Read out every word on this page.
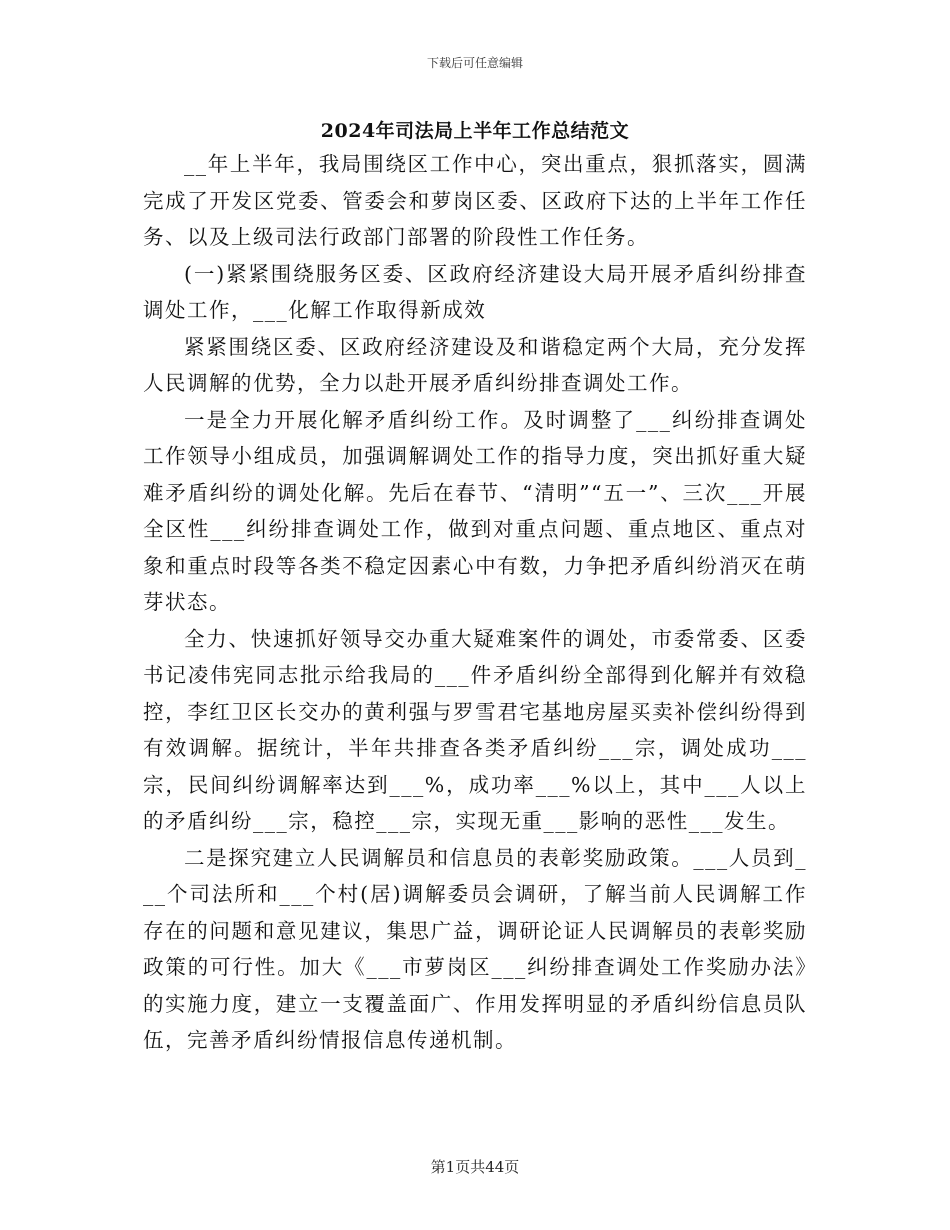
下载后可任意编辑
2024年司法局上半年工作总结范文

__年上半年，我局围绕区工作中心，突出重点，狠抓落实，圆满完成了开发区党委、管委会和萝岗区委、区政府下达的上半年工作任务、以及上级司法行政部门部署的阶段性工作任务。

(一)紧紧围绕服务区委、区政府经济建设大局开展矛盾纠纷排查调处工作，___化解工作取得新成效

紧紧围绕区委、区政府经济建设及和谐稳定两个大局，充分发挥人民调解的优势，全力以赴开展矛盾纠纷排查调处工作。

一是全力开展化解矛盾纠纷工作。及时调整了___纠纷排查调处工作领导小组成员，加强调解调处工作的指导力度，突出抓好重大疑难矛盾纠纷的调处化解。先后在春节、“清明”“五一”、三次___开展全区性___纠纷排查调处工作，做到对重点问题、重点地区、重点对象和重点时段等各类不稳定因素心中有数，力争把矛盾纠纷消灭在萌芽状态。

全力、快速抓好领导交办重大疑难案件的调处，市委常委、区委书记凌伟宪同志批示给我局的___件矛盾纠纷全部得到化解并有效稳控，李红卫区长交办的黄利强与罗雪君宅基地房屋买卖补偿纠纷得到有效调解。据统计，半年共排查各类矛盾纠纷___宗，调处成功___宗，民间纠纷调解率达到___%，成功率___%以上，其中___人以上的矛盾纠纷___宗，稳控___宗，实现无重___影响的恶性___发生。

二是探究建立人民调解员和信息员的表彰奖励政策。___人员到___个司法所和___个村(居)调解委员会调研，了解当前人民调解工作存在的问题和意见建议，集思广益，调研论证人民调解员的表彰奖励政策的可行性。加大《___市萝岗区___纠纷排查调处工作奖励办法》的实施力度，建立一支覆盖面广、作用发挥明显的矛盾纠纷信息员队伍，完善矛盾纠纷情报信息传递机制。

第1页共44页
